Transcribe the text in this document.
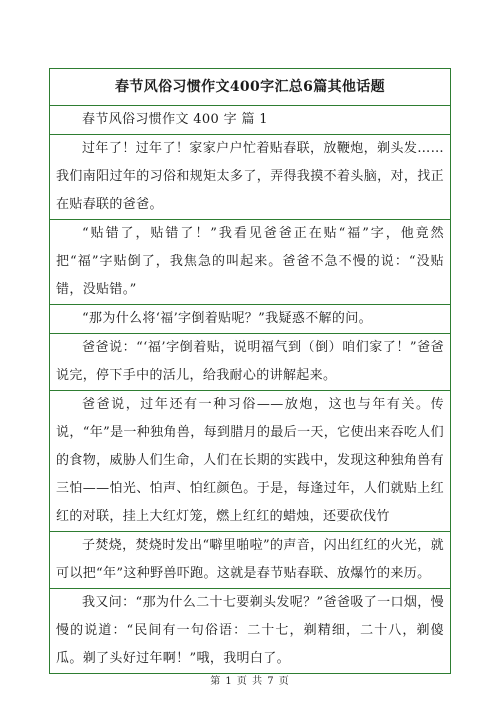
春节风俗习惯作文400字汇总6篇其他话题
春节风俗习惯作文 400 字 篇 1
过年了！过年了！家家户户忙着贴春联，放鞭炮，剃头发……我们南阳过年的习俗和规矩太多了，弄得我摸不着头脑，对，找正在贴春联的爸爸。
“贴错了，贴错了！”我看见爸爸正在贴“福”字，他竟然把“福”字贴倒了，我焦急的叫起来。爸爸不急不慢的说：“没贴错，没贴错。”
“那为什么将‘福’字倒着贴呢？”我疑惑不解的问。
爸爸说：“‘福’字倒着贴，说明福气到（倒）咱们家了！”爸爸说完，停下手中的活儿，给我耐心的讲解起来。
爸爸说，过年还有一种习俗——放炮，这也与年有关。传说，“年”是一种独角兽，每到腊月的最后一天，它使出来吞吃人们的食物，威胁人们生命，人们在长期的实践中，发现这种独角兽有三怕——怕光、怕声、怕红颜色。于是，每逢过年，人们就贴上红红的对联，挂上大红灯笼，燃上红红的蜡烛，还要砍伐竹
子焚烧，焚烧时发出“噼里啪啦”的声音，闪出红红的火光，就可以把“年”这种野兽吓跑。这就是春节贴春联、放爆竹的来历。
我又问：“那为什么二十七要剃头发呢？”爸爸吸了一口烟，慢慢的说道：“民间有一句俗语：二十七，剃精细，二十八，剃傻瓜。剃了头好过年啊！”哦，我明白了。
第 1 页 共 7 页
